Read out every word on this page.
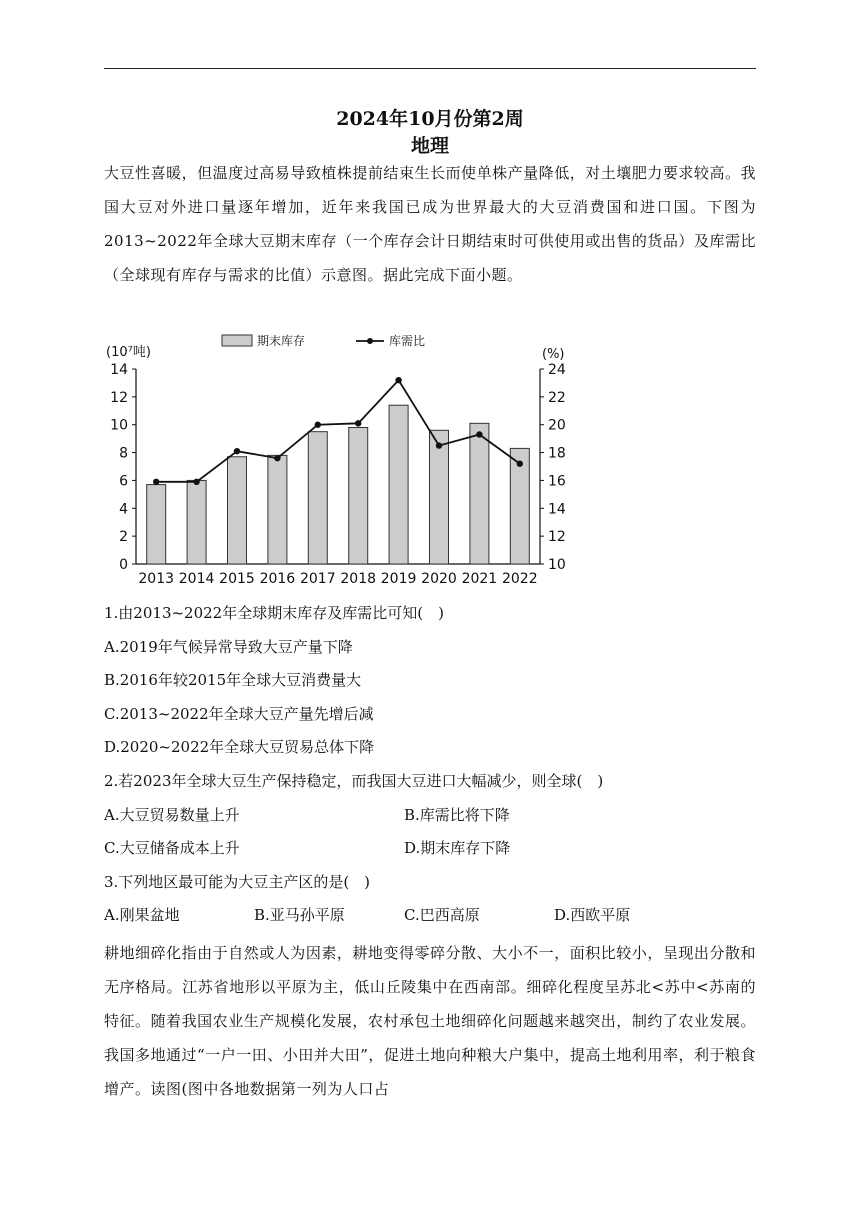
2024年10月份第2周
地理
大豆性喜暖，但温度过高易导致植株提前结束生长而使单株产量降低，对土壤肥力要求较高。我国大豆对外进口量逐年增加，近年来我国已成为世界最大的大豆消费国和进口国。下图为2013~2022年全球大豆期末库存（一个库存会计日期结束时可供使用或出售的货品）及库需比（全球现有库存与需求的比值）示意图。据此完成下面小题。
0
2
4
6
8
10
12
14
10
12
14
16
18
20
22
24
(10⁷吨)	(%)
2013 2014 2015 2016 2017 2018 2019 2020 2021 2022
期末库存	库需比
1.由2013~2022年全球期末库存及库需比可知(　)
A.2019年气候异常导致大豆产量下降
B.2016年较2015年全球大豆消费量大
C.2013~2022年全球大豆产量先增后减
D.2020~2022年全球大豆贸易总体下降
2.若2023年全球大豆生产保持稳定，而我国大豆进口大幅减少，则全球(　)
A.大豆贸易数量上升	B.库需比将下降
C.大豆储备成本上升	D.期末库存下降
3.下列地区最可能为大豆主产区的是(　)
A.刚果盆地	B.亚马孙平原	C.巴西高原	D.西欧平原
耕地细碎化指由于自然或人为因素，耕地变得零碎分散、大小不一，面积比较小，呈现出分散和无序格局。江苏省地形以平原为主，低山丘陵集中在西南部。细碎化程度呈苏北<苏中<苏南的特征。随着我国农业生产规模化发展，农村承包土地细碎化问题越来越突出，制约了农业发展。我国多地通过“一户一田、小田并大田”，促进土地向种粮大户集中，提高土地利用率，利于粮食增产。读图(图中各地数据第一列为人口占
